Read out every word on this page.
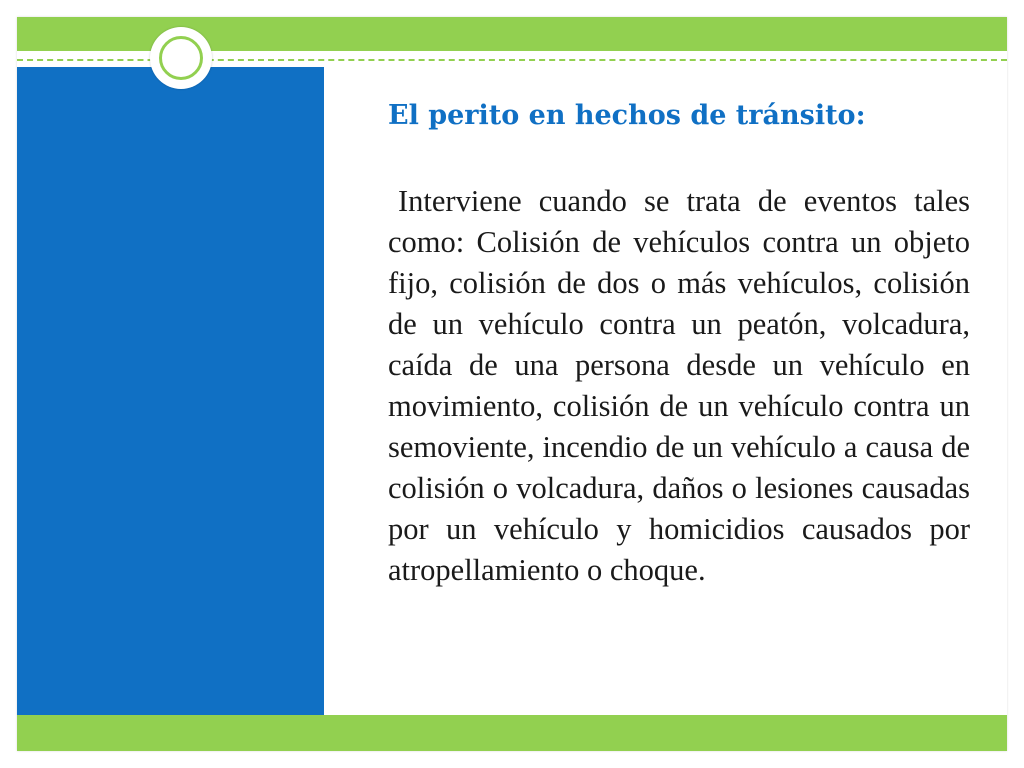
El perito en hechos de tránsito:

Interviene cuando se trata de eventos tales como: Colisión de vehículos contra un objeto fijo, colisión de dos o más vehículos, colisión de un vehículo contra un peatón, volcadura, caída de una persona desde un vehículo en movimiento, colisión de un vehículo contra un semoviente, incendio de un vehículo a causa de colisión o volcadura, daños o lesiones causadas por un vehículo y homicidios causados por atropellamiento o choque.
